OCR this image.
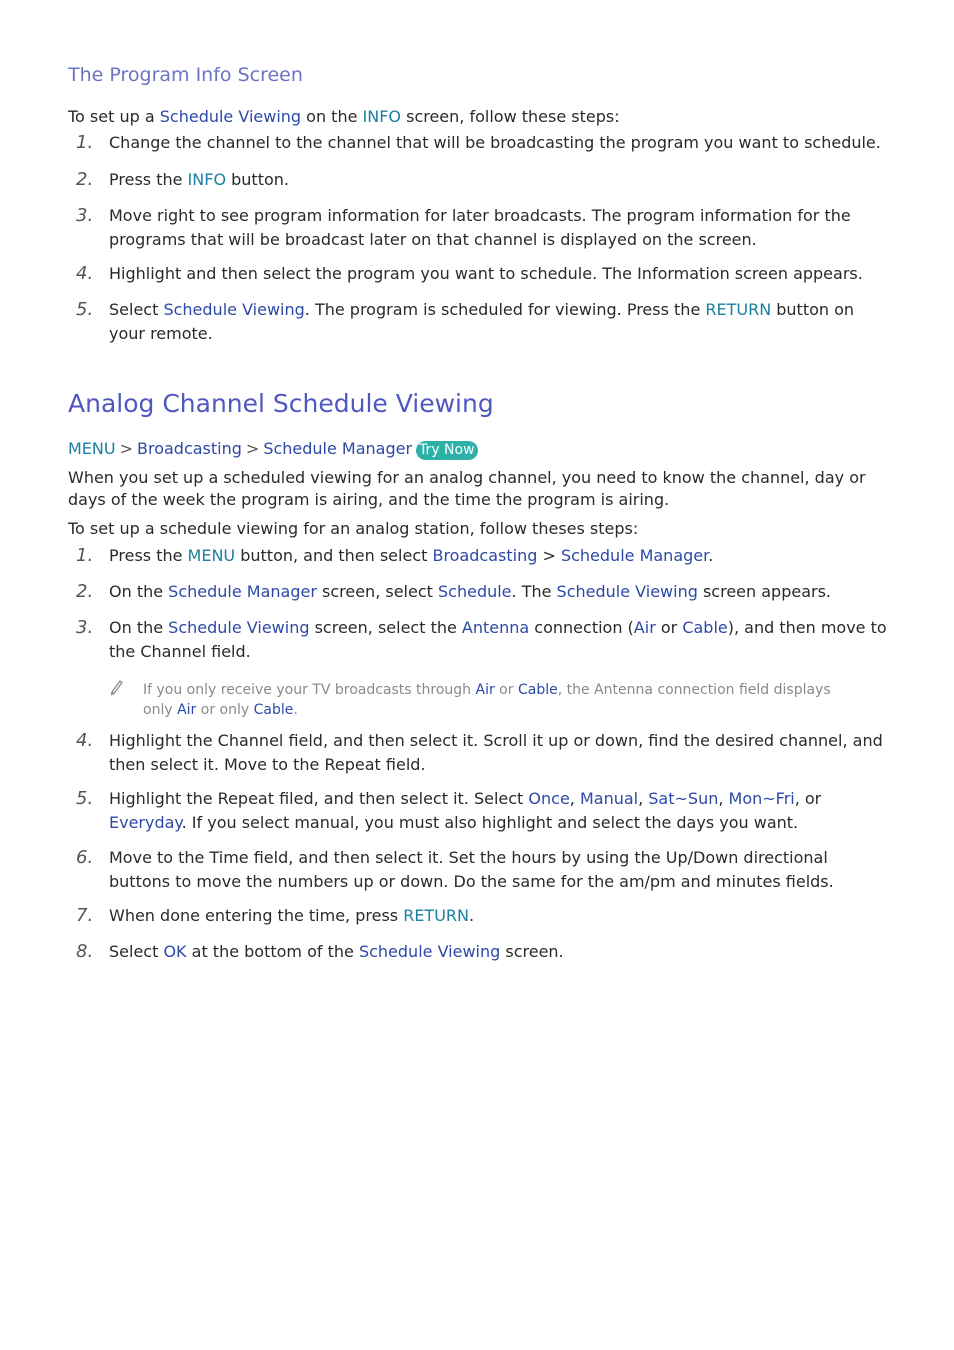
The Program Info Screen
To set up a Schedule Viewing on the INFO screen, follow these steps:
1. Change the channel to the channel that will be broadcasting the program you want to schedule.
2. Press the INFO button.
3. Move right to see program information for later broadcasts. The program information for the programs that will be broadcast later on that channel is displayed on the screen.
4. Highlight and then select the program you want to schedule. The Information screen appears.
5. Select Schedule Viewing. The program is scheduled for viewing. Press the RETURN button on your remote.
Analog Channel Schedule Viewing
MENU > Broadcasting > Schedule Manager Try Now
When you set up a scheduled viewing for an analog channel, you need to know the channel, day or days of the week the program is airing, and the time the program is airing.
To set up a schedule viewing for an analog station, follow theses steps:
1. Press the MENU button, and then select Broadcasting > Schedule Manager.
2. On the Schedule Manager screen, select Schedule. The Schedule Viewing screen appears.
3. On the Schedule Viewing screen, select the Antenna connection (Air or Cable), and then move to the Channel field.
If you only receive your TV broadcasts through Air or Cable, the Antenna connection field displays only Air or only Cable.
4. Highlight the Channel field, and then select it. Scroll it up or down, find the desired channel, and then select it. Move to the Repeat field.
5. Highlight the Repeat filed, and then select it. Select Once, Manual, Sat~Sun, Mon~Fri, or Everyday. If you select manual, you must also highlight and select the days you want.
6. Move to the Time field, and then select it. Set the hours by using the Up/Down directional buttons to move the numbers up or down. Do the same for the am/pm and minutes fields.
7. When done entering the time, press RETURN.
8. Select OK at the bottom of the Schedule Viewing screen.
